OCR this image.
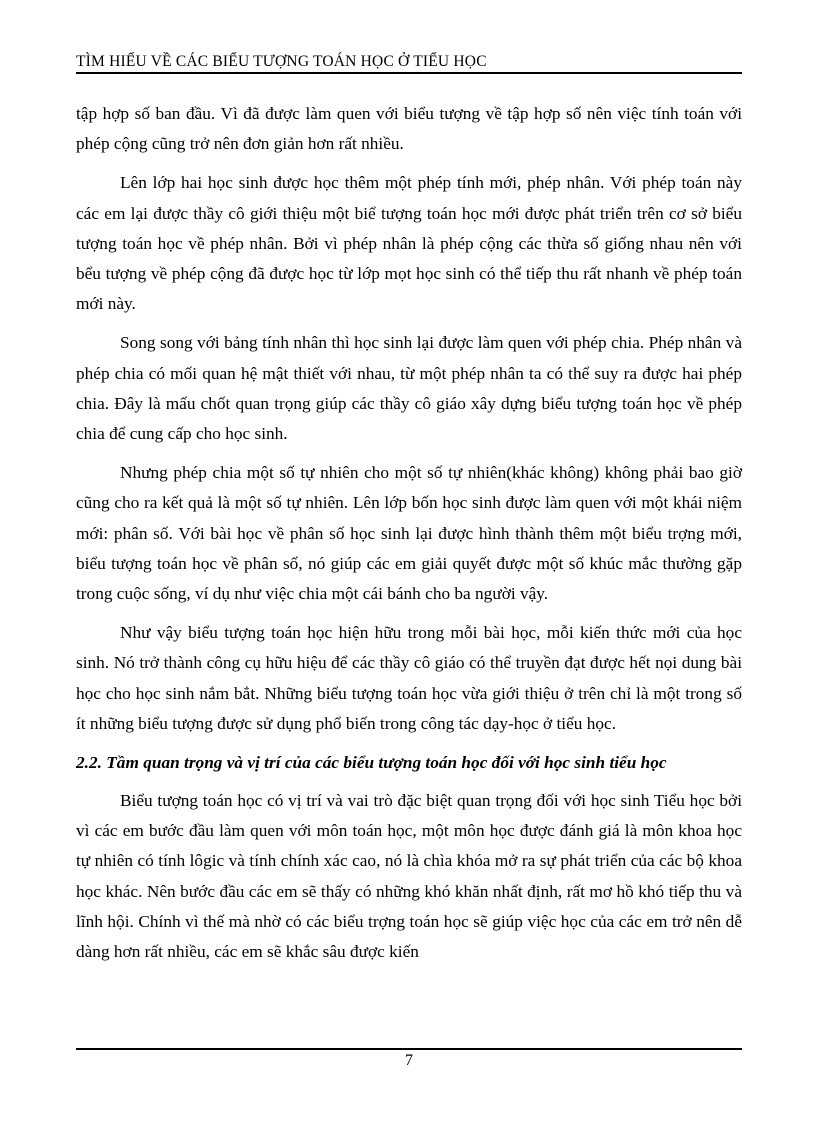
TÌM HIỂU VỀ CÁC BIỂU TƯỢNG TOÁN HỌC Ở TIỂU HỌC

tập hợp số ban đầu. Vì đã được làm quen với biểu tượng về tập hợp số nên việc tính toán với phép cộng cũng trở nên đơn giản hơn rất nhiều.

Lên lớp hai học sinh được học thêm một phép tính mới, phép nhân. Với phép toán này các em lại được thầy cô giới thiệu một biể tượng toán học mới được phát triển trên cơ sở biểu tượng toán học về phép nhân. Bởi vì phép nhân là phép cộng các thừa số giống nhau nên với bểu tượng về phép cộng đã được học từ lớp mọt học sinh có thể tiếp thu rất nhanh về phép toán mới này.

Song song với bảng tính nhân thì học sinh lại được làm quen với phép chia. Phép nhân và phép chia có mối quan hệ mật thiết với nhau, từ một phép nhân ta có thể suy ra được hai phép chia. Đây là mấu chốt quan trọng giúp các thầy cô giáo xây dựng biểu tượng toán học về phép chia để cung cấp cho học sinh.

Nhưng phép chia một số tự nhiên cho một số tự nhiên(khác không) không phải bao giờ cũng cho ra kết quả là một số tự nhiên. Lên lớp bốn học sinh được làm quen với một khái niệm mới: phân số. Với bài học về phân số học sinh lại được hình thành thêm một biểu trợng mới, biểu tượng toán học về phân số, nó giúp các em giải quyết được một số khúc mắc thường gặp trong cuộc sống, ví dụ như việc chia một cái bánh cho ba người vậy.

Như vậy biểu tượng toán học hiện hữu trong mỗi bài học, mỗi kiến thức mới của học sinh. Nó trở thành công cụ hữu hiệu để các thầy cô giáo có thể truyền đạt được hết nọi dung bài học cho học sinh nắm bắt. Những biểu tượng toán học vừa giới thiệu ở trên chỉ là một trong số ít những biểu tượng được sử dụng phổ biến trong công tác dạy-học ở tiểu học.

2.2. Tầm quan trọng và vị trí của các biểu tượng toán học đối với học sinh tiểu học

Biểu tượng toán học có vị trí và vai trò đặc biệt quan trọng đối với học sinh Tiểu học bởi vì các em bước đầu làm quen với môn toán học, một môn học được đánh giá là môn khoa học tự nhiên có tính lôgic và tính chính xác cao, nó là chìa khóa mở ra sự phát triển của các bộ khoa học khác. Nên bước đầu các em sẽ thấy có những khó khăn nhất định, rất mơ hồ khó tiếp thu và lĩnh hội. Chính vì thế mà nhờ có các biểu trợng toán học sẽ giúp việc học của các em trở nên dễ dàng hơn rất nhiều, các em sẽ khắc sâu được kiến

7
